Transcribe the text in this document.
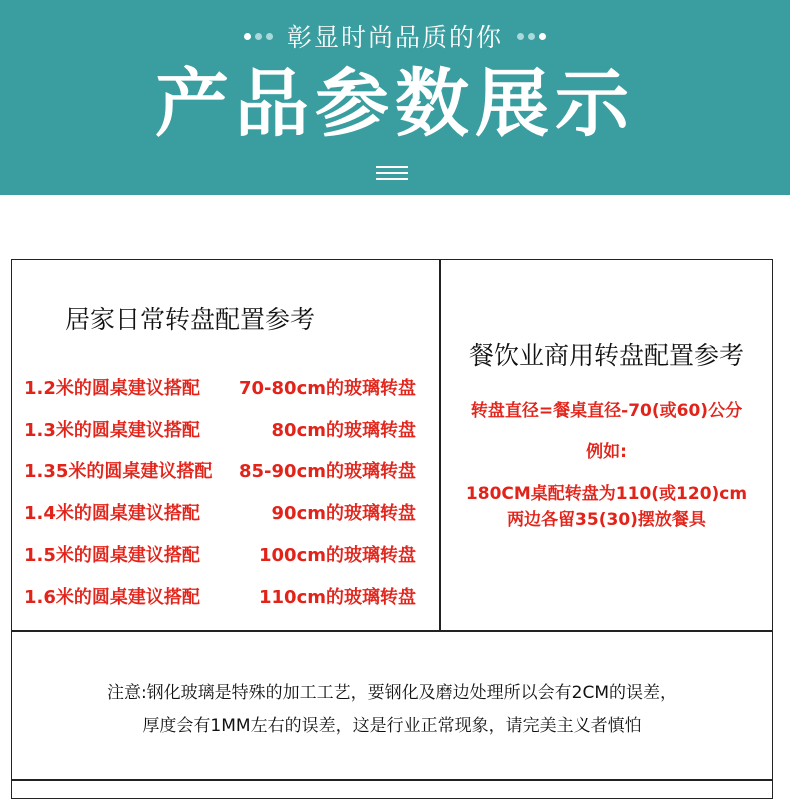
彰显时尚品质的你
产品参数展示
居家日常转盘配置参考
1.2米的圆桌建议搭配 70-80cm的玻璃转盘
1.3米的圆桌建议搭配	80cm的玻璃转盘
1.35米的圆桌建议搭配 85-90cm的玻璃转盘
1.4米的圆桌建议搭配	90cm的玻璃转盘
1.5米的圆桌建议搭配	100cm的玻璃转盘
1.6米的圆桌建议搭配	110cm的玻璃转盘
餐饮业商用转盘配置参考
转盘直径=餐桌直径-70(或60)公分
例如:
180CM桌配转盘为110(或120)cm
两边各留35(30)摆放餐具
注意:钢化玻璃是特殊的加工工艺，要钢化及磨边处理所以会有2CM的误差，
厚度会有1MM左右的误差，这是行业正常现象，请完美主义者慎怕
